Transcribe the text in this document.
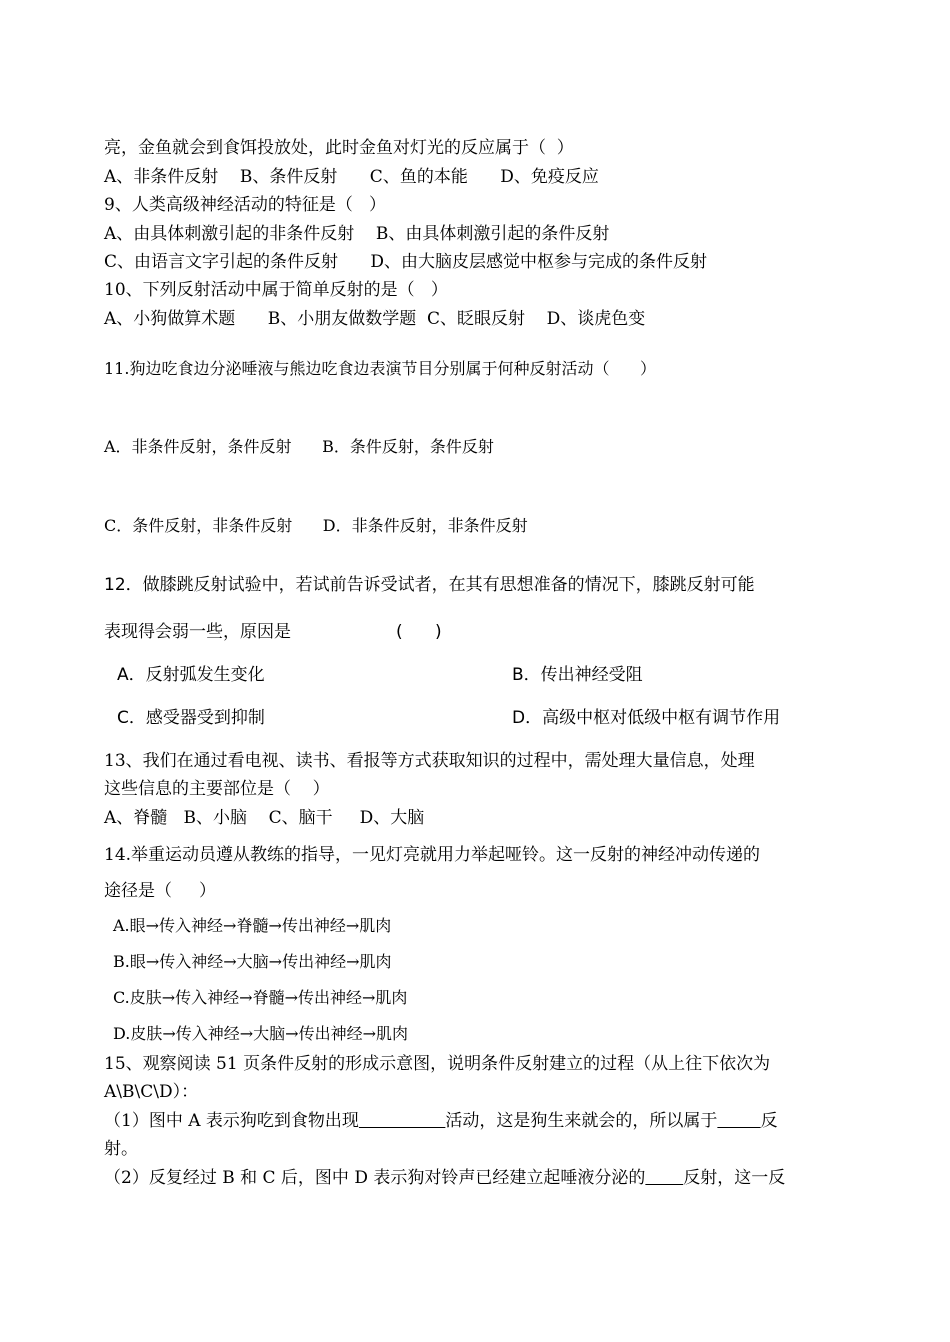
亮，金鱼就会到食饵投放处，此时金鱼对灯光的反应属于（  ）
A、非条件反射    B、条件反射      C、鱼的本能      D、免疫反应
9、人类高级神经活动的特征是（   ）
A、由具体刺激引起的非条件反射    B、由具体刺激引起的条件反射
C、由语言文字引起的条件反射      D、由大脑皮层感觉中枢参与完成的条件反射
10、下列反射活动中属于简单反射的是（   ）
A、小狗做算术题      B、小朋友做数学题  C、眨眼反射    D、谈虎色变
11.狗边吃食边分泌唾液与熊边吃食边表演节目分别属于何种反射活动（      ）
A．非条件反射，条件反射      B．条件反射，条件反射
C．条件反射，非条件反射      D．非条件反射，非条件反射
12．做膝跳反射试验中，若试前告诉受试者，在其有思想准备的情况下，膝跳反射可能
表现得会弱一些，原因是	(      )
A．反射弧发生变化	B．传出神经受阻
C．感受器受到抑制	D．高级中枢对低级中枢有调节作用
13、我们在通过看电视、读书、看报等方式获取知识的过程中，需处理大量信息，处理
这些信息的主要部位是（    ）
A、脊髓   B、小脑    C、脑干     D、大脑
14.举重运动员遵从教练的指导，一见灯亮就用力举起哑铃。这一反射的神经冲动传递的
途径是（     ）
A.眼→传入神经→脊髓→传出神经→肌肉
B.眼→传入神经→大脑→传出神经→肌肉
C.皮肤→传入神经→脊髓→传出神经→肌肉
D.皮肤→传入神经→大脑→传出神经→肌肉
15、观察阅读 51 页条件反射的形成示意图，说明条件反射建立的过程（从上往下依次为
A\B\C\D）：
（1）图中 A 表示狗吃到食物出现	活动，这是狗生来就会的，所以属于	反
射。
（2）反复经过 B 和 C 后，图中 D 表示狗对铃声已经建立起唾液分泌的 反射，这一反
